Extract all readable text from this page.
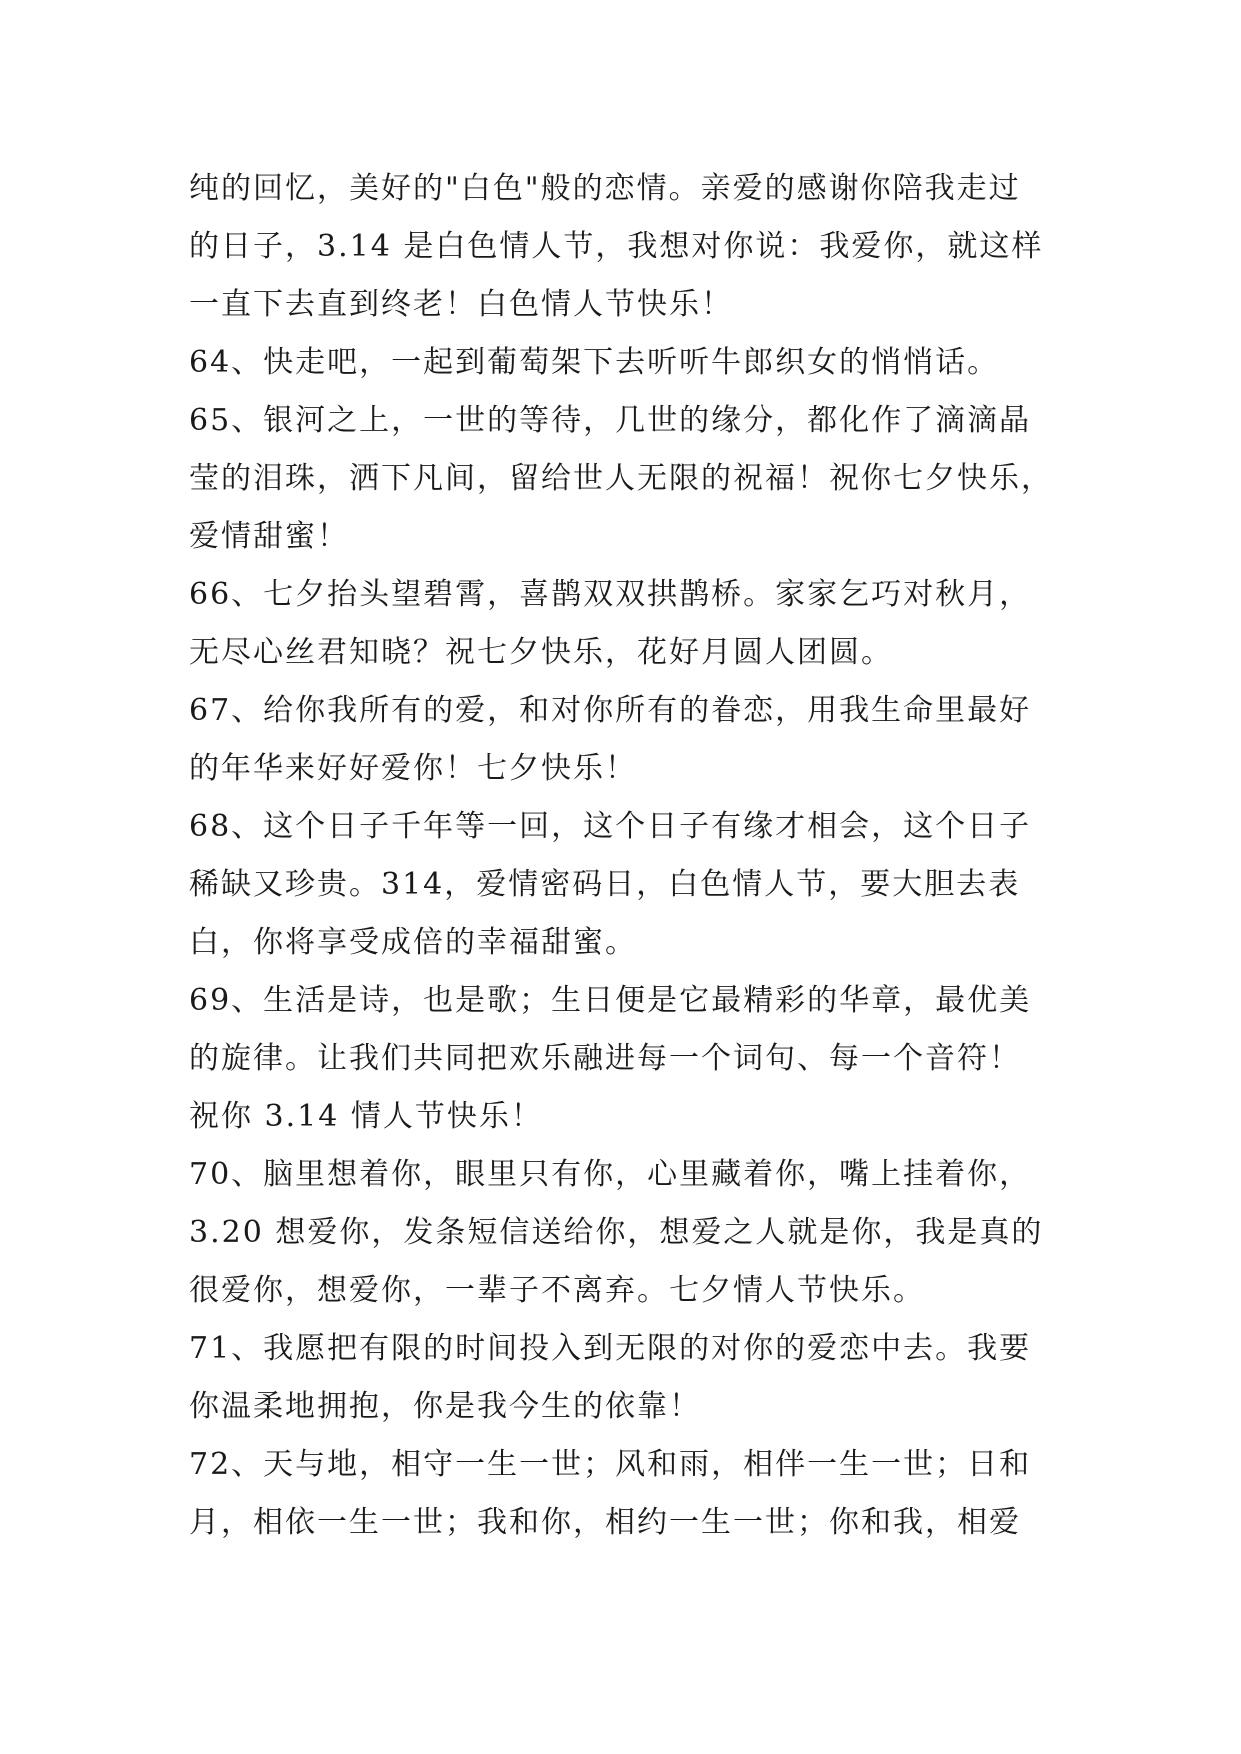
纯的回忆，美好的"白色"般的恋情。亲爱的感谢你陪我走过
的日子，3.14 是白色情人节，我想对你说：我爱你，就这样
一直下去直到终老！白色情人节快乐！
64、快走吧，一起到葡萄架下去听听牛郎织女的悄悄话。
65、银河之上，一世的等待，几世的缘分，都化作了滴滴晶
莹的泪珠，洒下凡间，留给世人无限的祝福！祝你七夕快乐，
爱情甜蜜！
66、七夕抬头望碧霄，喜鹊双双拱鹊桥。家家乞巧对秋月，
无尽心丝君知晓？祝七夕快乐，花好月圆人团圆。
67、给你我所有的爱，和对你所有的眷恋，用我生命里最好
的年华来好好爱你！七夕快乐！
68、这个日子千年等一回，这个日子有缘才相会，这个日子
稀缺又珍贵。314，爱情密码日，白色情人节，要大胆去表
白，你将享受成倍的幸福甜蜜。
69、生活是诗，也是歌；生日便是它最精彩的华章，最优美
的旋律。让我们共同把欢乐融进每一个词句、每一个音符！
祝你 3.14 情人节快乐！
70、脑里想着你，眼里只有你，心里藏着你，嘴上挂着你，
3.20 想爱你，发条短信送给你，想爱之人就是你，我是真的
很爱你，想爱你，一辈子不离弃。七夕情人节快乐。
71、我愿把有限的时间投入到无限的对你的爱恋中去。我要
你温柔地拥抱，你是我今生的依靠！
72、天与地，相守一生一世；风和雨，相伴一生一世；日和
月，相依一生一世；我和你，相约一生一世；你和我，相爱
